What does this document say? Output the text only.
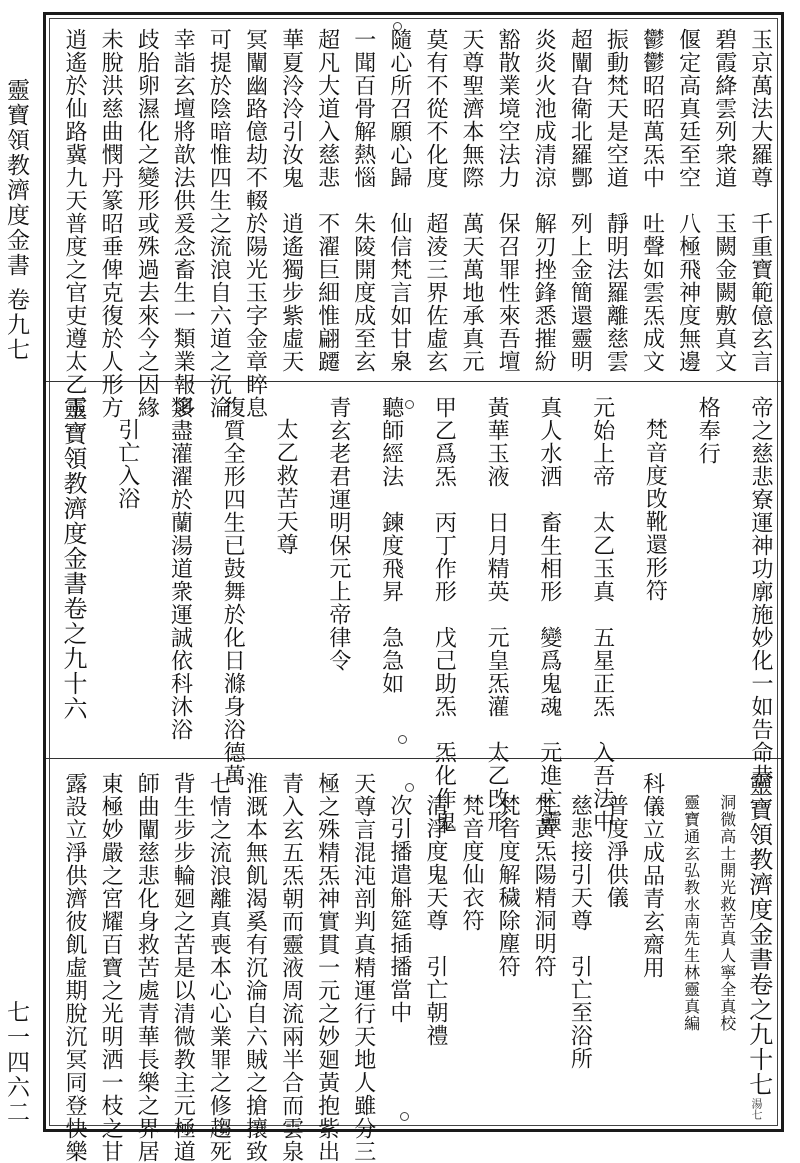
靈寶領教濟度金書 卷九七
七一四六二	湯七
玉京萬法大羅尊　千重寶範億玄言
碧霞絳雲列衆道　玉闕金闕敷真文
偃定高真廷至空　八極飛神度無邊
鬱鬱昭昭萬炁中　吐聲如雲炁成文
振動梵天是空道　靜明法羅離慈雲
超闡旮衛北羅酆　列上金簡還靈明
炎炎火池成清涼　解刃挫鋒悉摧紛
豁散業境空法力　保召罪性來吾壇
天尊聖濟本無際　萬天萬地承真元
莫有不從不化度　超淩三界佐虛玄
隨心所召願心歸　仙信梵言如甘泉
一聞百骨解熱惱　朱陵開度成至玄
超凡大道入慈悲　不濯巨細惟翩躚
華夏泠泠引汝鬼　逍遙獨步紫虛天
冥闡幽路億劫不輟於陽光玉字金章睟息
可提於陰暗惟四生之流浪自六道之沉淪
幸詣玄壇將歆法供爰念畜生一類業報多
歧胎卵濕化之變形或殊過去來今之因緣
未脫洪慈曲憫丹篆昭垂俾克復於人形方
逍遙於仙路冀九天普度之官吏遵太乙玉
帝之慈悲寮運神功廓施妙化一如告命恭
格奉行
梵音度攺靴還形符
元始上帝　太乙玉真　五星正炁　入吾法中
真人水洒　畜生相形　變爲鬼魂　元進亡靈
黃華玉液　日月精英　元皇炁灌　太乙攺形
甲乙爲炁　丙丁作形　戊己助炁　炁化作鬼
聽師經法　鍊度飛昇　急急如
青玄老君運明保元上帝律令
太乙救苦天尊
復質全形四生已鼓舞於化日滌身浴德萬
類盡灌濯於蘭湯道衆運誠依科沐浴
引亡入浴
靈寶領教濟度金書卷之九十六
靈寶領教濟度金書卷之九十七
洞微高士開光救苦真人寧全真校
靈寶通玄弘教水南先生林靈真編
科儀立成品青玄齋用
普度淨供儀
慈悲接引天尊　引亡至浴所
梵黃炁陽精洞明符
梵音度解穢除塵符
梵音度仙衣符
清淨度鬼天尊　引亡朝禮
次引播遣斛筵插播當中
天尊言混沌剖判真精運行天地人雖分三
極之殊精炁神實貫一元之妙廻黃抱紫出
青入玄五炁朝而靈液周流兩半合而雲泉
淮溉本無飢渴奚有沉淪自六賊之搶攘致
七情之流浪離真喪本心心業罪之修趨死
背生步步輪廻之苦是以清微教主元極道
師曲闡慈悲化身救苦處青華長樂之界居
東極妙嚴之宮耀百寶之光明洒一枝之甘
露設立淨供濟彼飢虛期脫沉冥同登快樂
